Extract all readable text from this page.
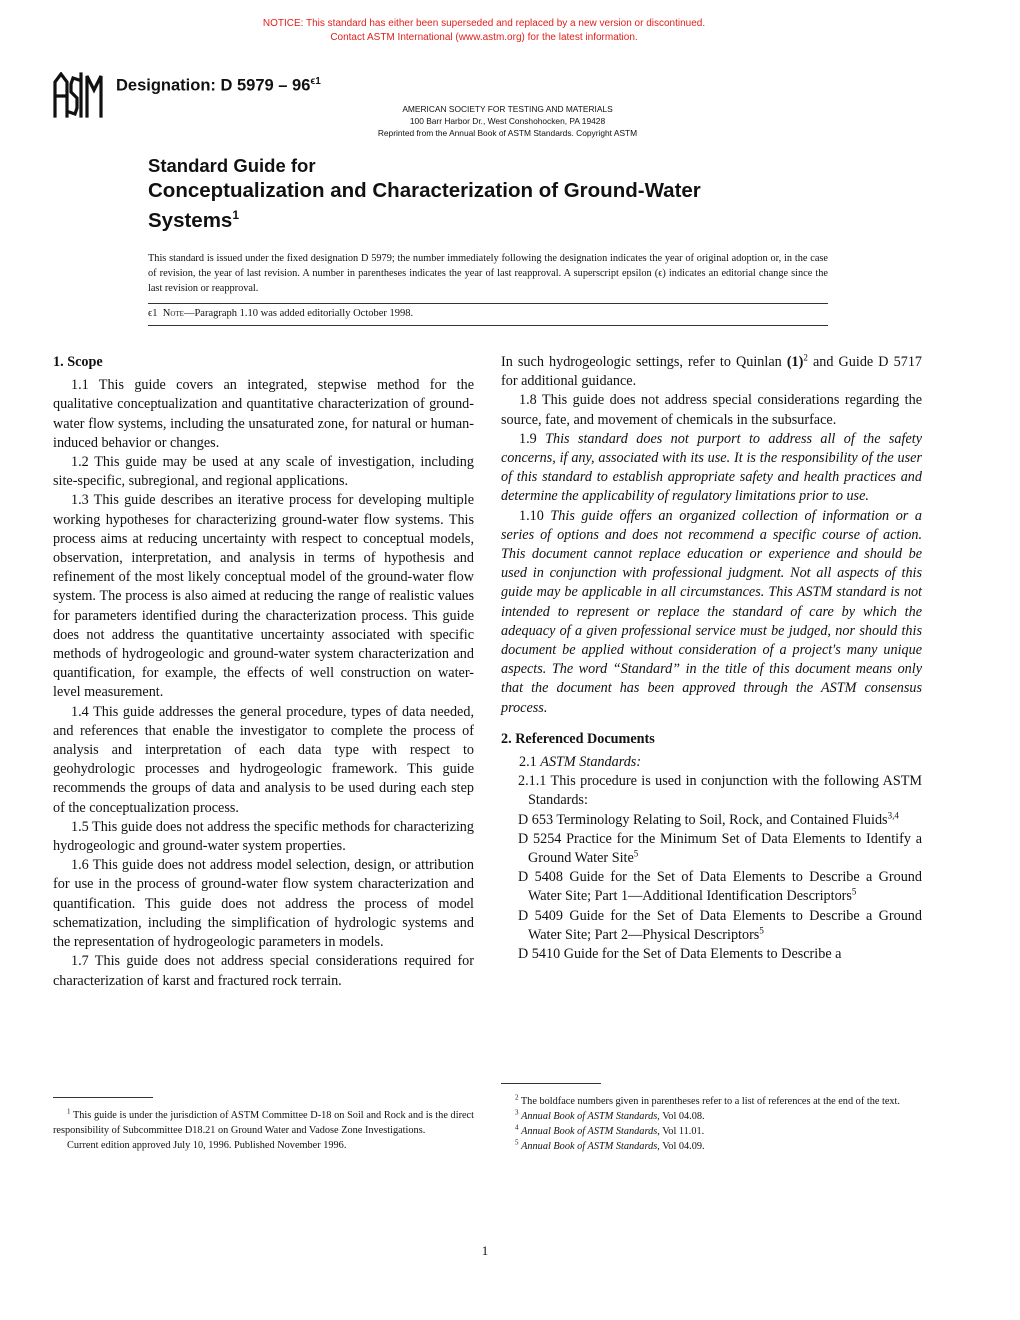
NOTICE: This standard has either been superseded and replaced by a new version or discontinued.
Contact ASTM International (www.astm.org) for the latest information.
ASTM
Designation: D $5979 - 96^{\epsilon 1}$
AMERICAN SOCIETY FOR TESTING AND MATERIALS
100 Barr Harbor Dr., West Conshohocken, PA 19428
Reprinted from the Annual Book of ASTM Standards. Copyright ASTM
Standard Guide for
Conceptualization and Characterization of Ground-Water
Systems$^1$
This standard is issued under the fixed designation D 5979; the number immediately following the designation indicates the year of original adoption or, in the case of revision, the year of last revision. A number in parentheses indicates the year of last reapproval. A superscript epsilon (ϵ) indicates an editorial change since the last revision or reapproval.
ϵ1 Note—Paragraph 1.10 was added editorially October 1998.

1. Scope

1.1 This guide covers an integrated, stepwise method for the qualitative conceptualization and quantitative characterization of ground-water flow systems, including the unsaturated zone, for natural or human-induced behavior or changes.

1.2 This guide may be used at any scale of investigation, including site-specific, subregional, and regional applications.

1.3 This guide describes an iterative process for developing multiple working hypotheses for characterizing ground-water flow systems. This process aims at reducing uncertainty with respect to conceptual models, observation, interpretation, and analysis in terms of hypothesis and refinement of the most likely conceptual model of the ground-water flow system. The process is also aimed at reducing the range of realistic values for parameters identified during the characterization process. This guide does not address the quantitative uncertainty associated with specific methods of hydrogeologic and ground-water system characterization and quantification, for example, the effects of well construction on water-level measurement.

1.4 This guide addresses the general procedure, types of data needed, and references that enable the investigator to complete the process of analysis and interpretation of each data type with respect to geohydrologic processes and hydrogeologic framework. This guide recommends the groups of data and analysis to be used during each step of the conceptualization process.

1.5 This guide does not address the specific methods for characterizing hydrogeologic and ground-water system properties.

1.6 This guide does not address model selection, design, or attribution for use in the process of ground-water flow system characterization and quantification. This guide does not address the process of model schematization, including the simplification of hydrologic systems and the representation of hydrogeologic parameters in models.

1.7 This guide does not address special considerations required for characterization of karst and fractured rock terrain.

In such hydrogeologic settings, refer to Quinlan $(1)^2$ and Guide D 5717 for additional guidance.

1.8 This guide does not address special considerations regarding the source, fate, and movement of chemicals in the subsurface.

1.9 This standard does not purport to address all of the safety concerns, if any, associated with its use. It is the responsibility of the user of this standard to establish appropriate safety and health practices and determine the applicability of regulatory limitations prior to use.

1.10 This guide offers an organized collection of information or a series of options and does not recommend a specific course of action. This document cannot replace education or experience and should be used in conjunction with professional judgment. Not all aspects of this guide may be applicable in all circumstances. This ASTM standard is not intended to represent or replace the standard of care by which the adequacy of a given professional service must be judged, nor should this document be applied without consideration of a project's many unique aspects. The word “Standard” in the title of this document means only that the document has been approved through the ASTM consensus process.

2. Referenced Documents

2.1 ASTM Standards:

2.1.1 This procedure is used in conjunction with the following ASTM Standards:

D 653 Terminology Relating to Soil, Rock, and Contained Fluids$^{3,4}$

D 5254 Practice for the Minimum Set of Data Elements to Identify a Ground Water Site$^5$

D 5408 Guide for the Set of Data Elements to Describe a Ground Water Site; Part 1—Additional Identification Descriptors$^5$

D 5409 Guide for the Set of Data Elements to Describe a Ground Water Site; Part 2—Physical Descriptors$^5$

D 5410 Guide for the Set of Data Elements to Describe a

$^1$ This guide is under the jurisdiction of ASTM Committee D-18 on Soil and Rock and is the direct responsibility of Subcommittee D18.21 on Ground Water and Vadose Zone Investigations.

Current edition approved July 10, 1996. Published November 1996.

$^2$ The boldface numbers given in parentheses refer to a list of references at the end of the text.

$^3$ Annual Book of ASTM Standards, Vol 04.08.

$^4$ Annual Book of ASTM Standards, Vol 11.01.

$^5$ Annual Book of ASTM Standards, Vol 04.09.

1
